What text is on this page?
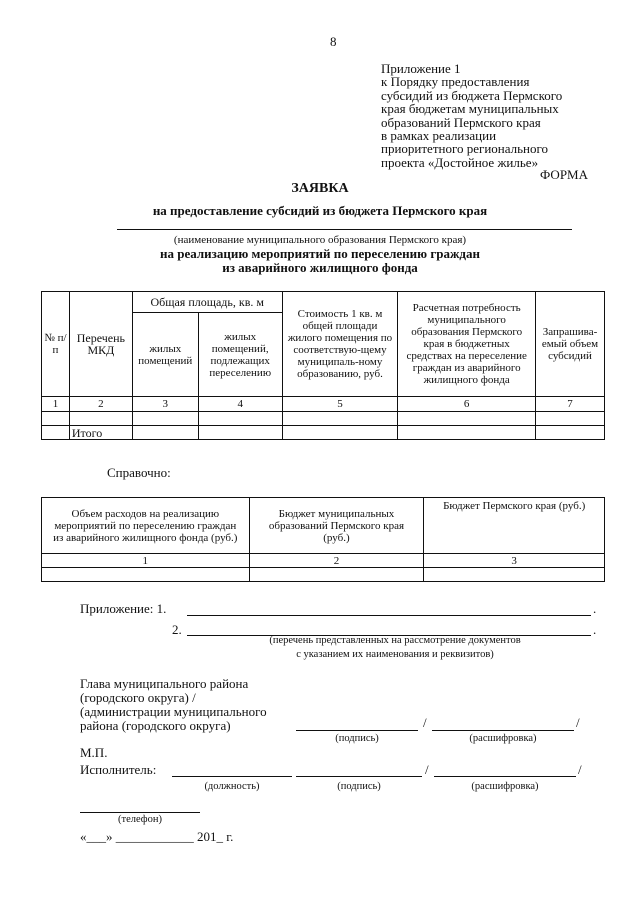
8
Приложение 1
к Порядку предоставления
субсидий из бюджета Пермского
края бюджетам муниципальных
образований Пермского края
в рамках реализации
приоритетного регионального
проекта «Достойное жилье»
ФОРМА
ЗАЯВКА
на предоставление субсидий из бюджета Пермского края
(наименование муниципального образования Пермского края)
на реализацию мероприятий по переселению граждан
из аварийного жилищного фонда
№ п/п	Перечень МКД	Общая площадь, кв. м		Стоимость 1 кв. м общей площади жилого помещения по соответствую-щему муниципаль-ному образованию, руб.	Расчетная потребность муниципального образования Пермского края в бюджетных средствах на переселение граждан из аварийного жилищного фонда	Запрашива-емый объем субсидий
		жилых помещений	жилых помещений, подлежащих переселению			
1	2	3	4	5	6	7

	Итого					
Справочно:
Объем расходов на реализацию мероприятий по переселению граждан из аварийного жилищного фонда (руб.)	Бюджет муниципальных образований Пермского края (руб.)	Бюджет Пермского края (руб.)
1	2	3

Приложение: 1.	.
2.	.
(перечень представленных на рассмотрение документов
с указанием их наименования и реквизитов)
Глава муниципального района
(городского округа) /
(администрации муниципального
района (городского округа)	/	/
(подпись)	(расшифровка)
М.П.
Исполнитель:	/	/
(должность)	(подпись)	(расшифровка)
(телефон)
«___» ____________ 201_ г.
